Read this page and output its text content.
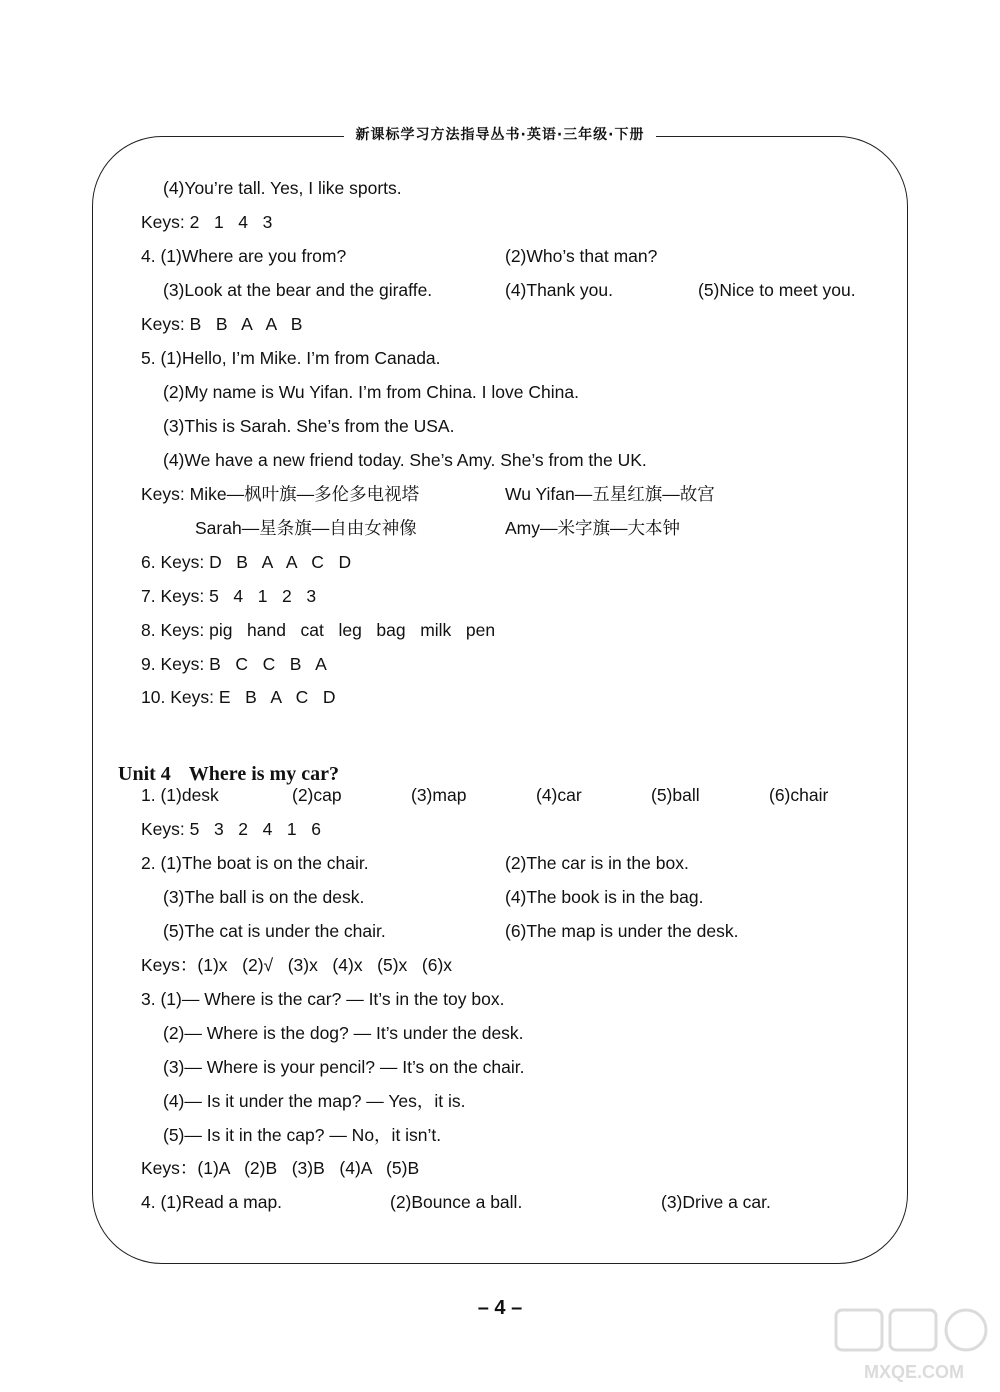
新课标学习方法指导丛书·英语·三年级·下册
Unit 4 Where is my car?
(4)You’re tall. Yes, I like sports.
Keys: 2   1   4   3
4. (1)Where are you from?	(2)Who’s that man?
(3)Look at the bear and the giraffe.	(4)Thank you.	(5)Nice to meet you.
Keys: B   B   A   A   B
5. (1)Hello, I’m Mike. I’m from Canada.
(2)My name is Wu Yifan. I’m from China. I love China.
(3)This is Sarah. She’s from the USA.
(4)We have a new friend today. She’s Amy. She’s from the UK.
Keys: Mike—枫叶旗—多伦多电视塔	Wu Yifan—五星红旗—故宫
Sarah—星条旗—自由女神像	Amy—米字旗—大本钟
6. Keys: D   B   A   A   C   D
7. Keys: 5   4   1   2   3
8. Keys: pig   hand   cat   leg   bag   milk   pen
9. Keys: B   C   C   B   A
10. Keys: E   B   A   C   D
1. (1)desk	(2)cap	(3)map	(4)car	(5)ball	(6)chair
Keys: 5   3   2   4   1   6
2. (1)The boat is on the chair.	(2)The car is in the box.
(3)The ball is on the desk.	(4)The book is in the bag.
(5)The cat is under the chair.	(6)The map is under the desk.
Keys：(1)x   (2)√   (3)x   (4)x   (5)x   (6)x
3. (1)— Where is the car? — It’s in the toy box.
(2)— Where is the dog? — It’s under the desk.
(3)— Where is your pencil? — It’s on the chair.
(4)— Is it under the map? — Yes，it is.
(5)— Is it in the cap? — No，it isn’t.
Keys：(1)A   (2)B   (3)B   (4)A   (5)B
4. (1)Read a map.	(2)Bounce a ball.	(3)Drive a car.
– 4 –
MXQE.COM
